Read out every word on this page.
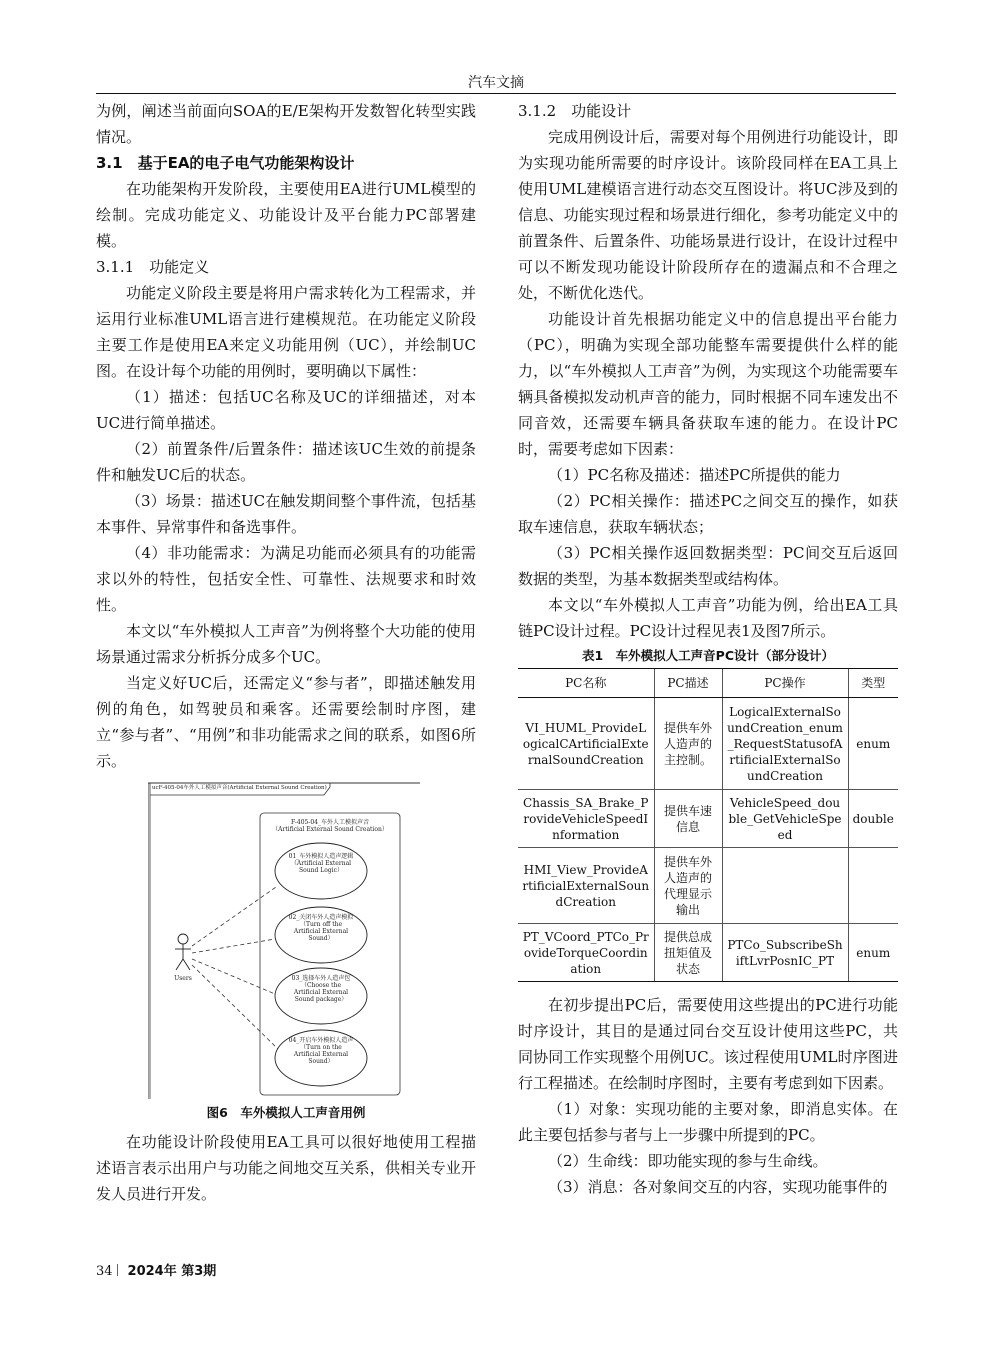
汽车文摘

为例，阐述当前面向SOA的E/E架构开发数智化转型实践情况。

3.1　基于EA的电子电气功能架构设计

在功能架构开发阶段，主要使用EA进行UML模型的绘制。完成功能定义、功能设计及平台能力PC部署建模。

3.1.1　功能定义

功能定义阶段主要是将用户需求转化为工程需求，并运用行业标准UML语言进行建模规范。在功能定义阶段主要工作是使用EA来定义功能用例（UC），并绘制UC图。在设计每个功能的用例时，要明确以下属性：

（1）描述：包括UC名称及UC的详细描述，对本UC进行简单描述。

（2）前置条件/后置条件：描述该UC生效的前提条件和触发UC后的状态。

（3）场景：描述UC在触发期间整个事件流，包括基本事件、异常事件和备选事件。

（4）非功能需求：为满足功能而必须具有的功能需求以外的特性，包括安全性、可靠性、法规要求和时效性。

本文以“车外模拟人工声音”为例将整个大功能的使用场景通过需求分析拆分成多个UC。

当定义好UC后，还需定义“参与者”，即描述触发用例的角色，如驾驶员和乘客。还需要绘制时序图，建立“参与者”、“用例”和非功能需求之间的联系，如图6所示。

ucF-405-04车外人工模拟声音(Artificial External Sound Creation)
F-405-04_车外人工模拟声音
（Artificial External Sound Creation）
Users
01_车外模拟人造声逻辑
（Artificial External
Sound Logic）
02_关闭车外人造声模拟
（Turn off the
Artificial External
Sound）
03_选择车外人造声包
（Choose the
Artificial External
Sound package）
04_开启车外模拟人造声
（Turn on the
Artificial External
Sound）

图6　车外模拟人工声音用例

在功能设计阶段使用EA工具可以很好地使用工程描述语言表示出用户与功能之间地交互关系，供相关专业开发人员进行开发。

3.1.2　功能设计

完成用例设计后，需要对每个用例进行功能设计，即为实现功能所需要的时序设计。该阶段同样在EA工具上使用UML建模语言进行动态交互图设计。将UC涉及到的信息、功能实现过程和场景进行细化，参考功能定义中的前置条件、后置条件、功能场景进行设计，在设计过程中可以不断发现功能设计阶段所存在的遗漏点和不合理之处，不断优化迭代。

功能设计首先根据功能定义中的信息提出平台能力（PC），明确为实现全部功能整车需要提供什么样的能力，以“车外模拟人工声音”为例，为实现这个功能需要车辆具备模拟发动机声音的能力，同时根据不同车速发出不同音效，还需要车辆具备获取车速的能力。在设计PC时，需要考虑如下因素：

（1）PC名称及描述：描述PC所提供的能力

（2）PC相关操作：描述PC之间交互的操作，如获取车速信息，获取车辆状态；

（3）PC相关操作返回数据类型：PC间交互后返回数据的类型，为基本数据类型或结构体。

本文以“车外模拟人工声音”功能为例，给出EA工具链PC设计过程。PC设计过程见表1及图7所示。

表1　车外模拟人工声音PC设计（部分设计）

PC名称	PC描述	PC操作	类型
VI_HUML_ProvideLogicalCArtificialExternalSoundCreation	提供车外人造声的主控制。	LogicalExternalSoundCreation_enum_RequestStatusofArtificialExternalSoundCreation	enum
Chassis_SA_Brake_ProvideVehicleSpeedInformation	提供车速信息	VehicleSpeed_double_GetVehicleSpeed	double
HMI_View_ProvideArtificialExternalSoundCreation	提供车外人造声的代理显示输出		
PT_VCoord_PTCo_ProvideTorqueCoordination	提供总成扭矩值及状态	PTCo_SubscribeShiftLvrPosnIC_PT	enum

在初步提出PC后，需要使用这些提出的PC进行功能时序设计，其目的是通过同台交互设计使用这些PC，共同协同工作实现整个用例UC。该过程使用UML时序图进行工程描述。在绘制时序图时，主要有考虑到如下因素。

（1）对象：实现功能的主要对象，即消息实体。在此主要包括参与者与上一步骤中所提到的PC。

（2）生命线：即功能实现的参与生命线。

（3）消息：各对象间交互的内容，实现功能事件的

34 2024年 第3期
